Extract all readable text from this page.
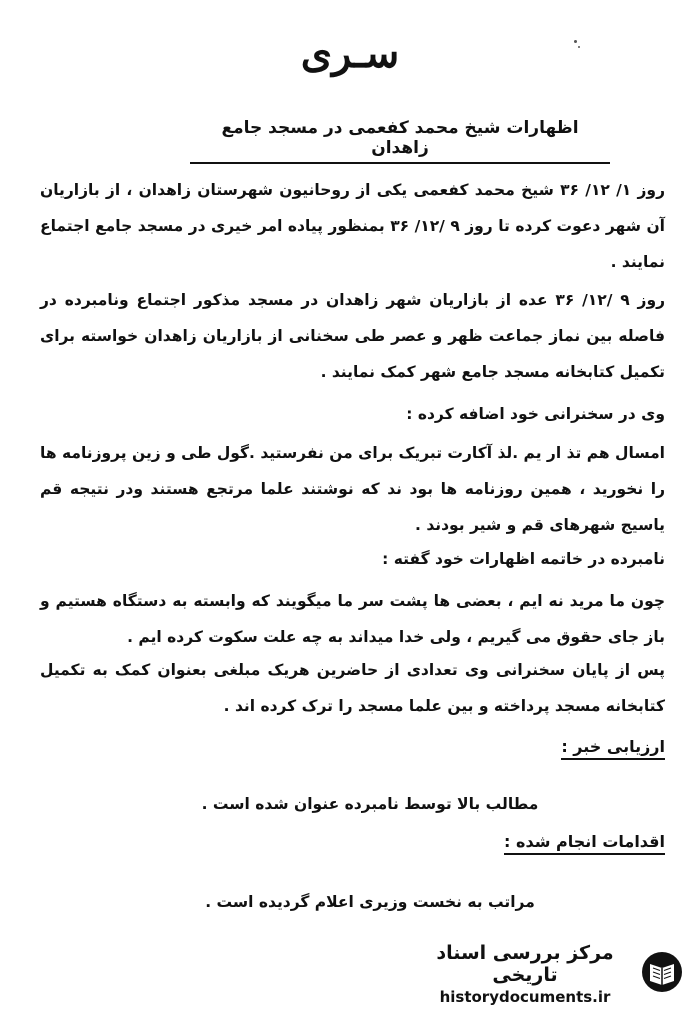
سـری
اظهارات شیخ محمد کفعمی در مسجد جامع زاهدان
روز ۱/ ۱۲/ ۳۶ شیخ محمد کفعمی یکی از روحانیون شهرستان زاهدان ، از بازاریان آن شهر دعوت کرده تا روز ۹ /۱۲/ ۳۶ بمنظور پیاده امر خیری در مسجد جامع اجتماع نمایند .
روز ۹ /۱۲/ ۳۶ عده از بازاریان شهر زاهدان در مسجد مذکور اجتماع ونامبرده در فاصله بین نماز جماعت ظهر و عصر طی سخنانی از بازاریان زاهدان خواسته برای تکمیل کتابخانه مسجد جامع شهر کمک نمایند .
وی در سخنرانی خود اضافه کرده :
امسال هم تذ ار یم .لذ آکارت تبریک برای من نفرستید .گول طی و زین پروزنامه ها را نخورید ، همین روزنامه ها بود ند که نوشتند علما مرتجع هستند ودر نتیجه قم یاسیج شهرهای قم و شیر بودند .
نامبرده در خاتمه اظهارات خود گفته :
چون ما مرید نه ایم ، بعضی ها پشت سر ما میگویند که وابسته به دستگاه هستیم و باز جای حقوق می گیریم ، ولی خدا میداند به چه علت سکوت کرده ایم .
پس از پایان سخنرانی وی تعدادی از حاضرین هریک مبلغی بعنوان کمک به تکمیل کتابخانه مسجد پرداخته و بین علما مسجد را ترک کرده اند .
ارزیابی خبر :
مطالب بالا توسط نامبرده عنوان شده است .
اقدامات انجام شده :
مراتب به نخست وزیری اعلام گردیده است .
مرکز بررسی اسناد تاریخی
historydocuments.ir
